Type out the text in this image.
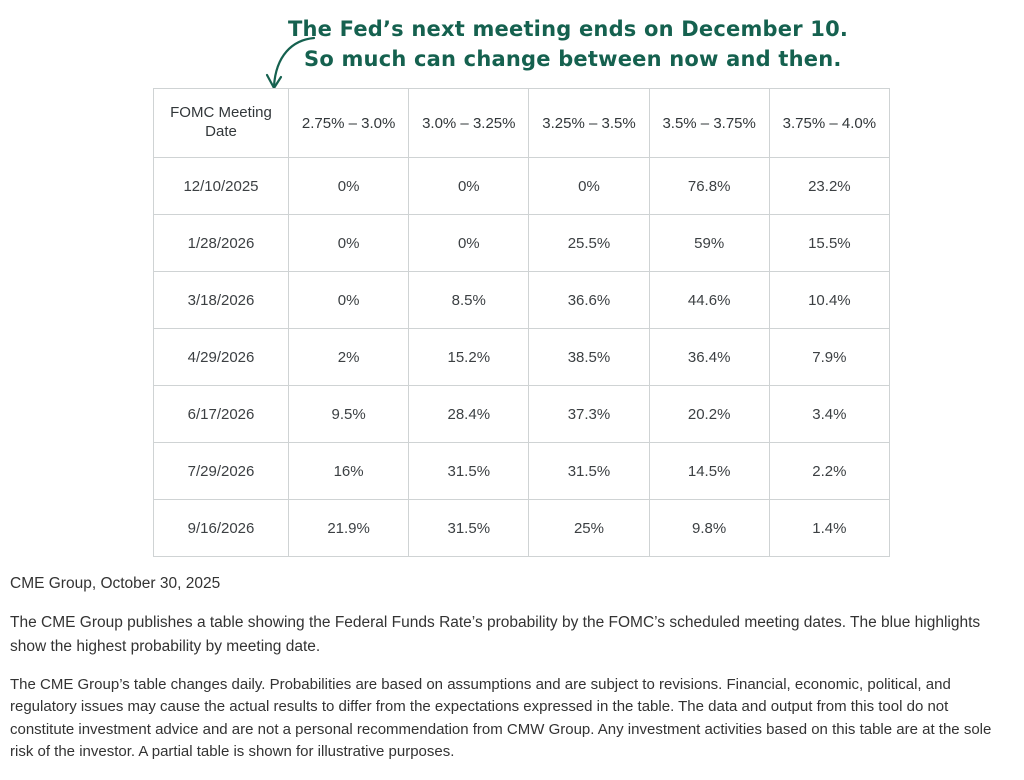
The Fed’s next meeting ends on December 10.
So much can change between now and then.
FOMC Meeting Date	2.75% – 3.0%	3.0% – 3.25%	3.25% – 3.5%	3.5% – 3.75%	3.75% – 4.0%
12/10/2025	0%	0%	0%	76.8%	23.2%
1/28/2026	0%	0%	25.5%	59%	15.5%
3/18/2026	0%	8.5%	36.6%	44.6%	10.4%
4/29/2026	2%	15.2%	38.5%	36.4%	7.9%
6/17/2026	9.5%	28.4%	37.3%	20.2%	3.4%
7/29/2026	16%	31.5%	31.5%	14.5%	2.2%
9/16/2026	21.9%	31.5%	25%	9.8%	1.4%

CME Group, October 30, 2025

The CME Group publishes a table showing the Federal Funds Rate’s probability by the FOMC’s scheduled meeting dates. The blue highlights show the highest probability by meeting date.

The CME Group’s table changes daily. Probabilities are based on assumptions and are subject to revisions. Financial, economic, political, and regulatory issues may cause the actual results to differ from the expectations expressed in the table. The data and output from this tool do not constitute investment advice and are not a personal recommendation from CMW Group. Any investment activities based on this table are at the sole risk of the investor. A partial table is shown for illustrative purposes.
